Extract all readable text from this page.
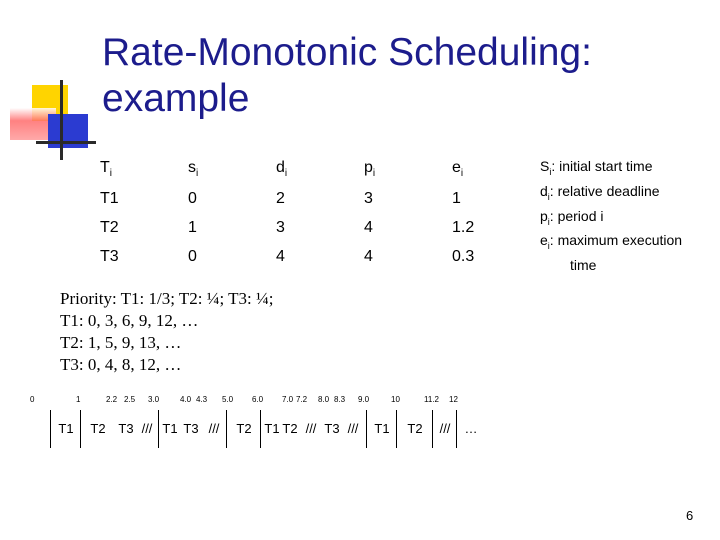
Rate-Monotonic Scheduling:
example
$T_i$	$s_i$	$d_i$	$p_i$	$e_i$
T1	0	2	3	1
T2	1	3	4	1.2
T3	0	4	4	0.3
$S_i$: initial start time
$d_i$: relative deadline
$p_i$: period i
$e_i$: maximum execution
time
Priority: T1: 1/3; T2: ¼; T3: ¼;
T1: 0, 3, 6, 9, 12, …
T2: 1, 5, 9, 13, …
T3: 0, 4, 8, 12, …
0	1	2.2 2.5 3.0	4.0 4.3 5.0 6.0 7.0 7.2 8.0 8.3 9.0	10	11.2 12
T1	T2 T3 /// T1 T3 ///	T2 T1 T2 /// T3 ///	T1	T2	///	…
6
